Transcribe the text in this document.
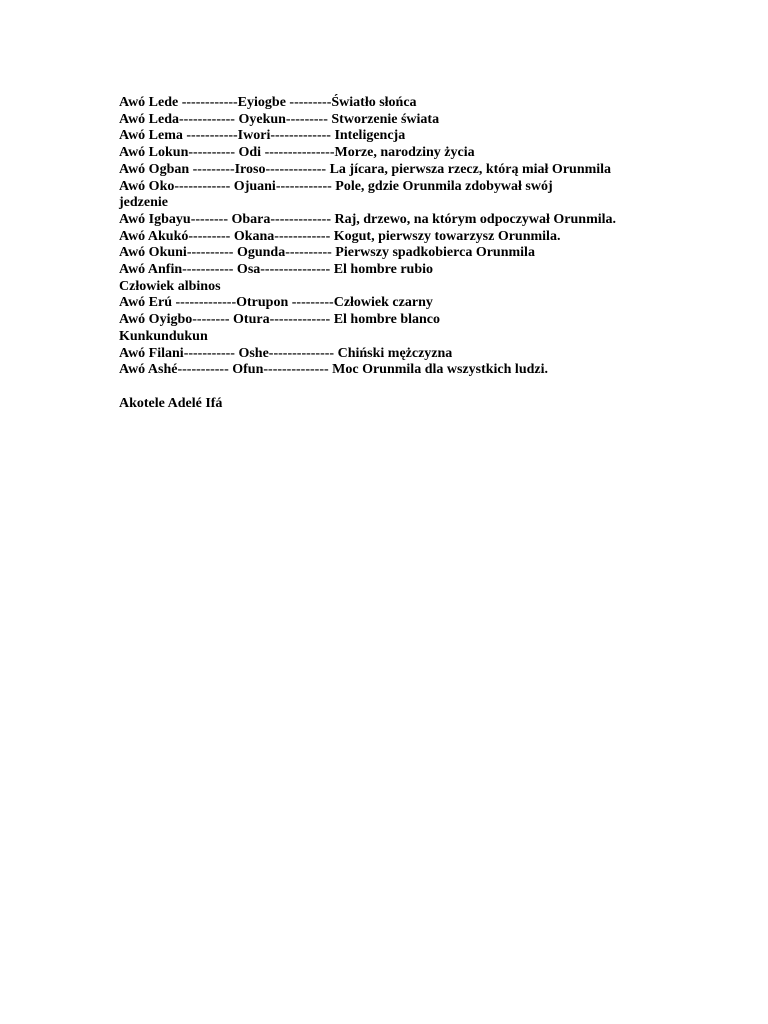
Awó Lede ------------Eyiogbe ---------Światło słońca
Awó Leda------------ Oyekun--------- Stworzenie świata
Awó Lema -----------Iwori------------- Inteligencja
Awó Lokun---------- Odi ---------------Morze, narodziny życia
Awó Ogban ---------Iroso------------- La jícara, pierwsza rzecz, którą miał Orunmila
Awó Oko------------ Ojuani------------ Pole, gdzie Orunmila zdobywał swój
jedzenie
Awó Igbayu-------- Obara------------- Raj, drzewo, na którym odpoczywał Orunmila.
Awó Akukó--------- Okana------------ Kogut, pierwszy towarzysz Orunmila.
Awó Okuni---------- Ogunda---------- Pierwszy spadkobierca Orunmila
Awó Anfin----------- Osa--------------- El hombre rubio
Człowiek albinos
Awó Erú -------------Otrupon ---------Człowiek czarny
Awó Oyigbo-------- Otura------------- El hombre blanco
Kunkundukun
Awó Filani----------- Oshe-------------- Chiński mężczyzna
Awó Ashé----------- Ofun-------------- Moc Orunmila dla wszystkich ludzi.
Akotele Adelé Ifá
